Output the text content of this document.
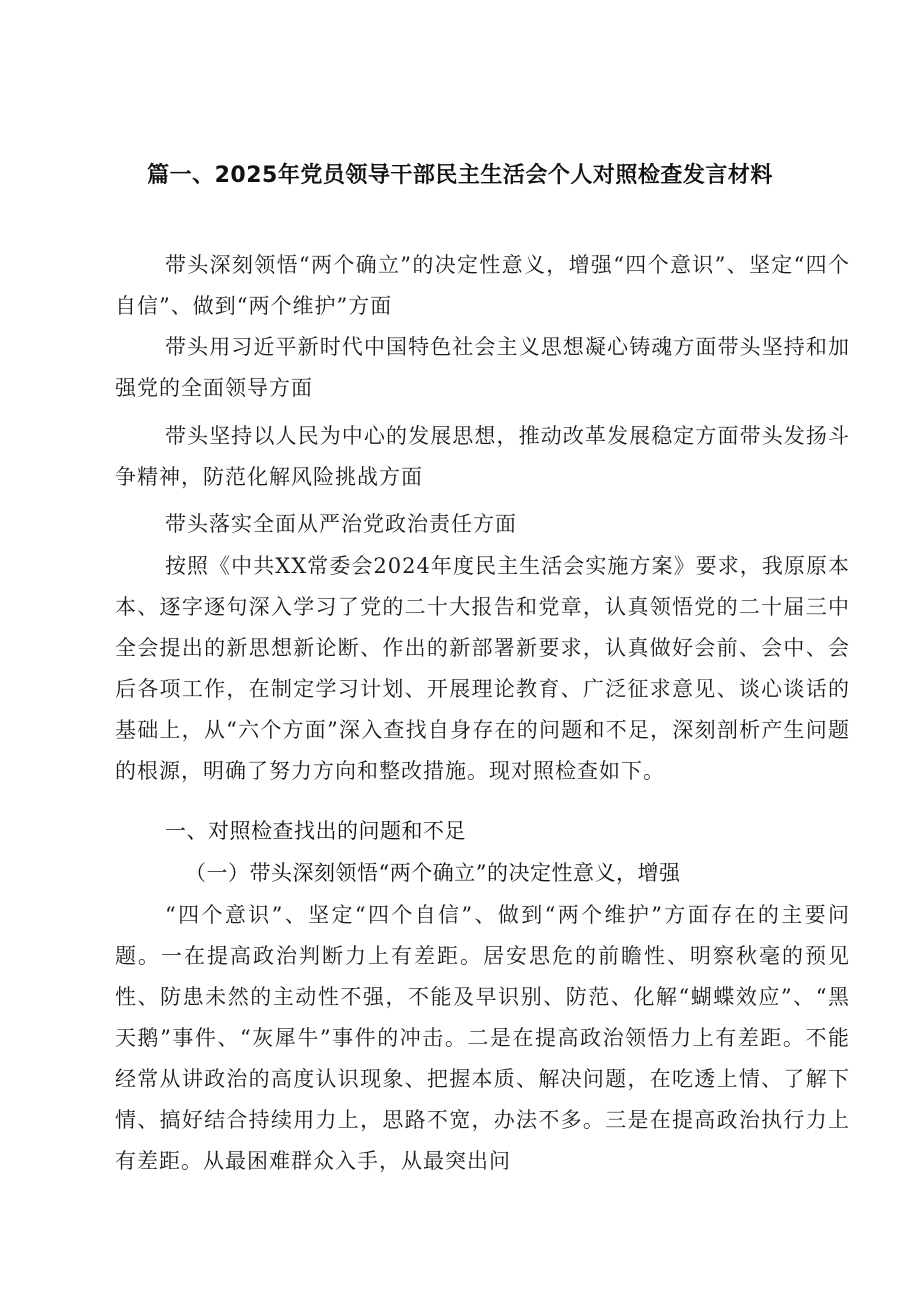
篇一、2025年党员领导干部民主生活会个人对照检查发言材料

带头深刻领悟“两个确立”的决定性意义，增强“四个意识”、坚定“四个自信”、做到“两个维护”方面

带头用习近平新时代中国特色社会主义思想凝心铸魂方面带头坚持和加强党的全面领导方面

带头坚持以人民为中心的发展思想，推动改革发展稳定方面带头发扬斗争精神，防范化解风险挑战方面

带头落实全面从严治党政治责任方面

按照《中共XX常委会2024年度民主生活会实施方案》要求，我原原本本、逐字逐句深入学习了党的二十大报告和党章，认真领悟党的二十届三中全会提出的新思想新论断、作出的新部署新要求，认真做好会前、会中、会后各项工作，在制定学习计划、开展理论教育、广泛征求意见、谈心谈话的基础上，从“六个方面”深入查找自身存在的问题和不足，深刻剖析产生问题的根源，明确了努力方向和整改措施。现对照检查如下。

一、对照检查找出的问题和不足
（一）带头深刻领悟“两个确立”的决定性意义，增强

“四个意识”、坚定“四个自信”、做到“两个维护”方面存在的主要问题。一在提高政治判断力上有差距。居安思危的前瞻性、明察秋毫的预见性、防患未然的主动性不强，不能及早识别、防范、化解“蝴蝶效应”、“黑天鹅”事件、“灰犀牛”事件的冲击。二是在提高政治领悟力上有差距。不能经常从讲政治的高度认识现象、把握本质、解决问题，在吃透上情、了解下情、搞好结合持续用力上，思路不宽，办法不多。三是在提高政治执行力上有差距。从最困难群众入手，从最突出问
